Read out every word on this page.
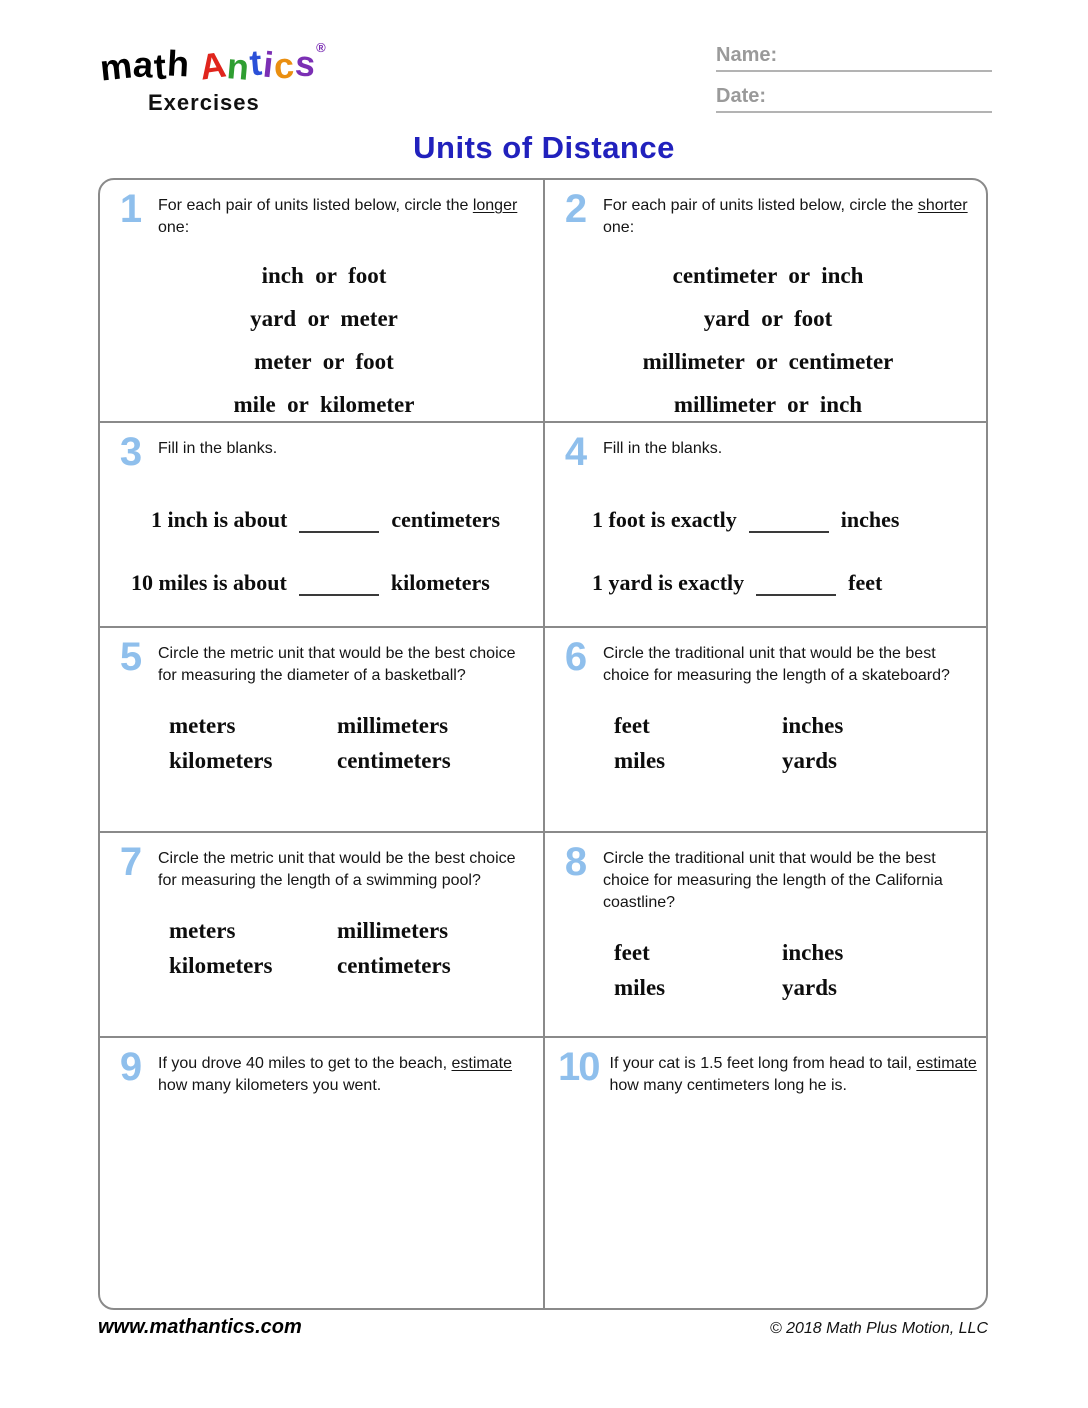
math Antics®
Exercises
Name:
Date:
Units of Distance
1	For each pair of units listed below, circle the longer one:

inch  or  foot
yard  or  meter
meter  or  foot
mile  or  kilometer
2	For each pair of units listed below, circle the shorter one:

centimeter  or  inch
yard  or  foot
millimeter  or  centimeter
millimeter  or  inch
3	Fill in the blanks.

1 inch is about	centimeters
10 miles is about	kilometers
4	Fill in the blanks.

1 foot is exactly	inches
1 yard is exactly	feet
5	Circle the metric unit that would be the best choice for measuring the diameter of a basketball?

meters	millimeters
kilometers	centimeters
6	Circle the traditional unit that would be the best choice for measuring the length of a skateboard?

feet	inches
miles	yards
7	Circle the metric unit that would be the best choice for measuring the length of a swimming pool?

meters	millimeters
kilometers	centimeters
8	Circle the traditional unit that would be the best choice for measuring the length of the California coastline?

feet	inches
miles	yards
9	If you drove 40 miles to get to the beach, estimate how many kilometers you went.	10 If your cat is 1.5 feet long from head to tail, estimate how many centimeters long he is.

www.mathantics.com	© 2018 Math Plus Motion, LLC
